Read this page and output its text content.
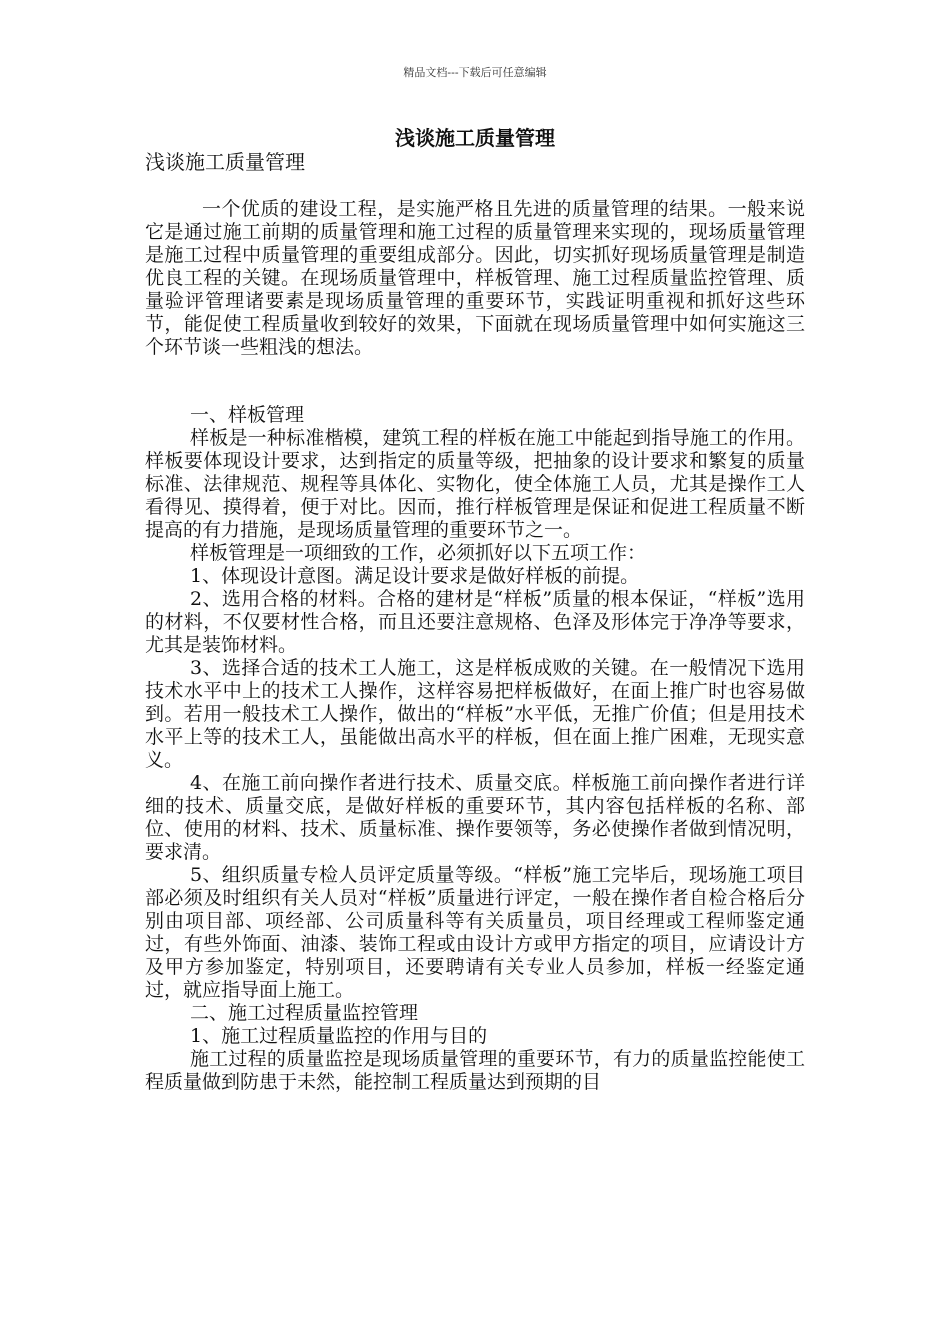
精品文档---下载后可任意编辑
浅谈施工质量管理

浅谈施工质量管理

一个优质的建设工程，是实施严格且先进的质量管理的结果。一般来说它是通过施工前期的质量管理和施工过程的质量管理来实现的，现场质量管理是施工过程中质量管理的重要组成部分。因此，切实抓好现场质量管理是制造优良工程的关键。在现场质量管理中，样板管理、施工过程质量监控管理、质量验评管理诸要素是现场质量管理的重要环节，实践证明重视和抓好这些环节，能促使工程质量收到较好的效果，下面就在现场质量管理中如何实施这三个环节谈一些粗浅的想法。

一、样板管理

样板是一种标准楷模，建筑工程的样板在施工中能起到指导施工的作用。样板要体现设计要求，达到指定的质量等级，把抽象的设计要求和繁复的质量标准、法律规范、规程等具体化、实物化，使全体施工人员，尤其是操作工人看得见、摸得着，便于对比。因而，推行样板管理是保证和促进工程质量不断提高的有力措施，是现场质量管理的重要环节之一。

样板管理是一项细致的工作，必须抓好以下五项工作：

1、体现设计意图。满足设计要求是做好样板的前提。

2、选用合格的材料。合格的建材是“样板”质量的根本保证，“样板”选用的材料，不仅要材性合格，而且还要注意规格、色泽及形体完于净净等要求，尤其是装饰材料。

3、选择合适的技术工人施工，这是样板成败的关键。在一般情况下选用技术水平中上的技术工人操作，这样容易把样板做好，在面上推广时也容易做到。若用一般技术工人操作，做出的“样板”水平低，无推广价值；但是用技术水平上等的技术工人，虽能做出高水平的样板，但在面上推广困难，无现实意义。

4、在施工前向操作者进行技术、质量交底。样板施工前向操作者进行详细的技术、质量交底，是做好样板的重要环节，其内容包括样板的名称、部位、使用的材料、技术、质量标准、操作要领等，务必使操作者做到情况明，要求清。

5、组织质量专检人员评定质量等级。“样板”施工完毕后，现场施工项目部必须及时组织有关人员对“样板”质量进行评定，一般在操作者自检合格后分别由项目部、项经部、公司质量科等有关质量员，项目经理或工程师鉴定通过，有些外饰面、油漆、装饰工程或由设计方或甲方指定的项目，应请设计方及甲方参加鉴定，特别项目，还要聘请有关专业人员参加，样板一经鉴定通过，就应指导面上施工。

二、施工过程质量监控管理

1、施工过程质量监控的作用与目的

施工过程的质量监控是现场质量管理的重要环节，有力的质量监控能使工程质量做到防患于未然，能控制工程质量达到预期的目
